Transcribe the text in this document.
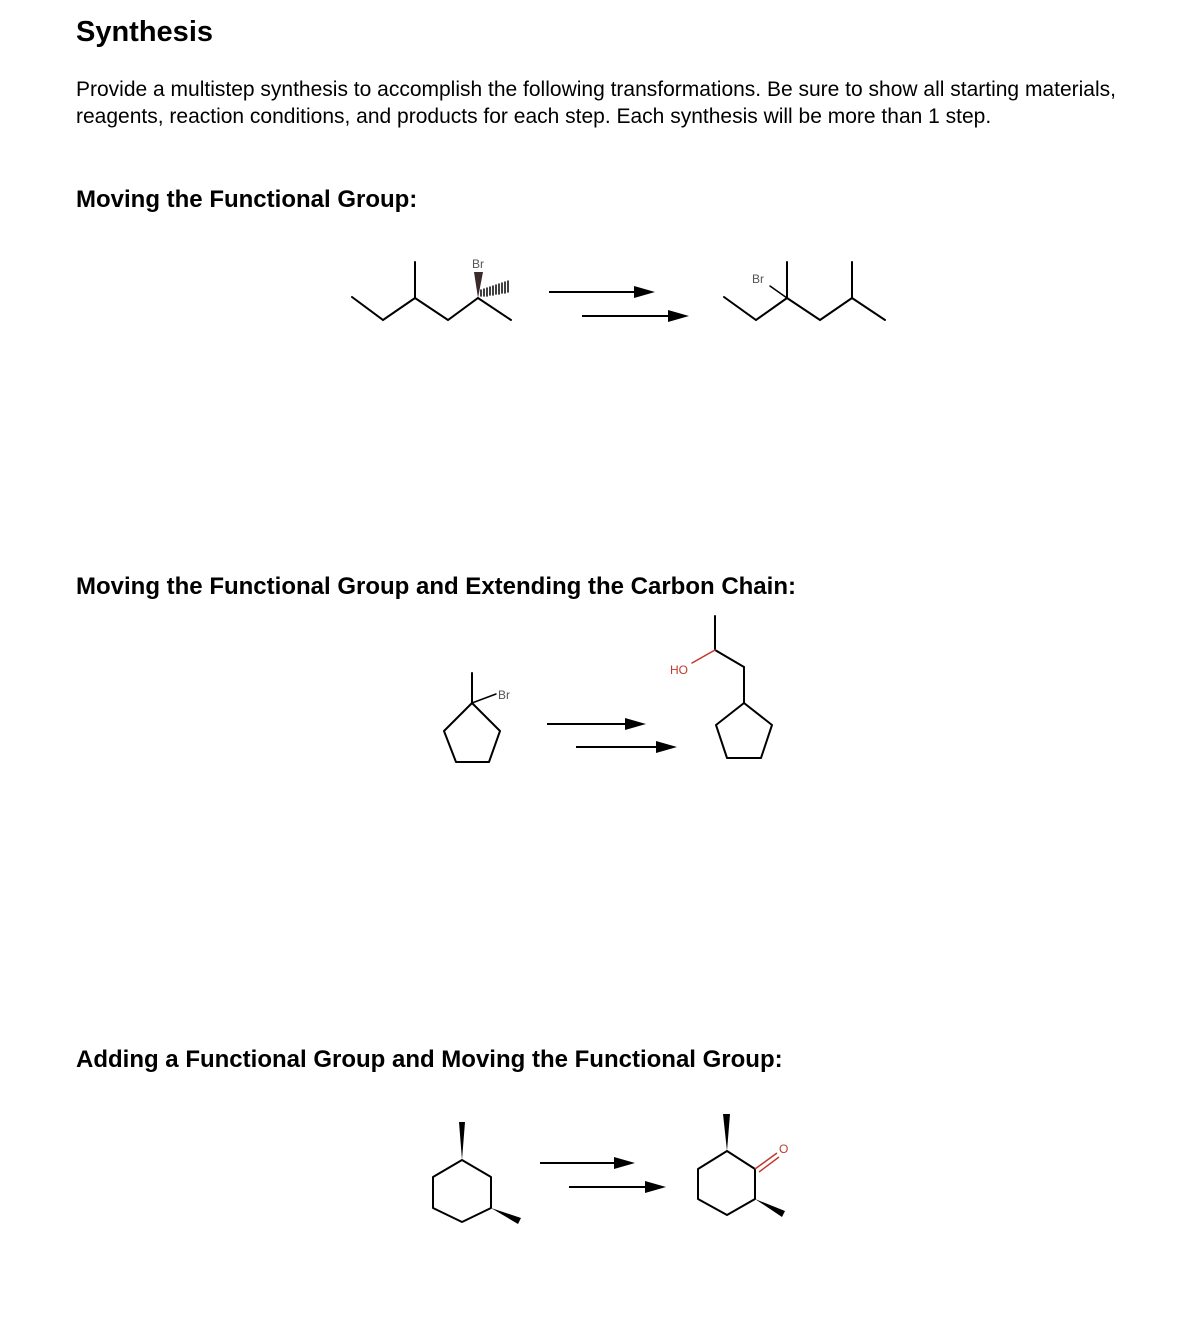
Synthesis

Provide a multistep synthesis to accomplish the following transformations. Be sure to show all starting materials, reagents, reaction conditions, and products for each step. Each synthesis will be more than 1 step.

Moving the Functional Group:
Moving the Functional Group and Extending the Carbon Chain:
Adding a Functional Group and Moving the Functional Group:
Br
Br
Br
HO
O
